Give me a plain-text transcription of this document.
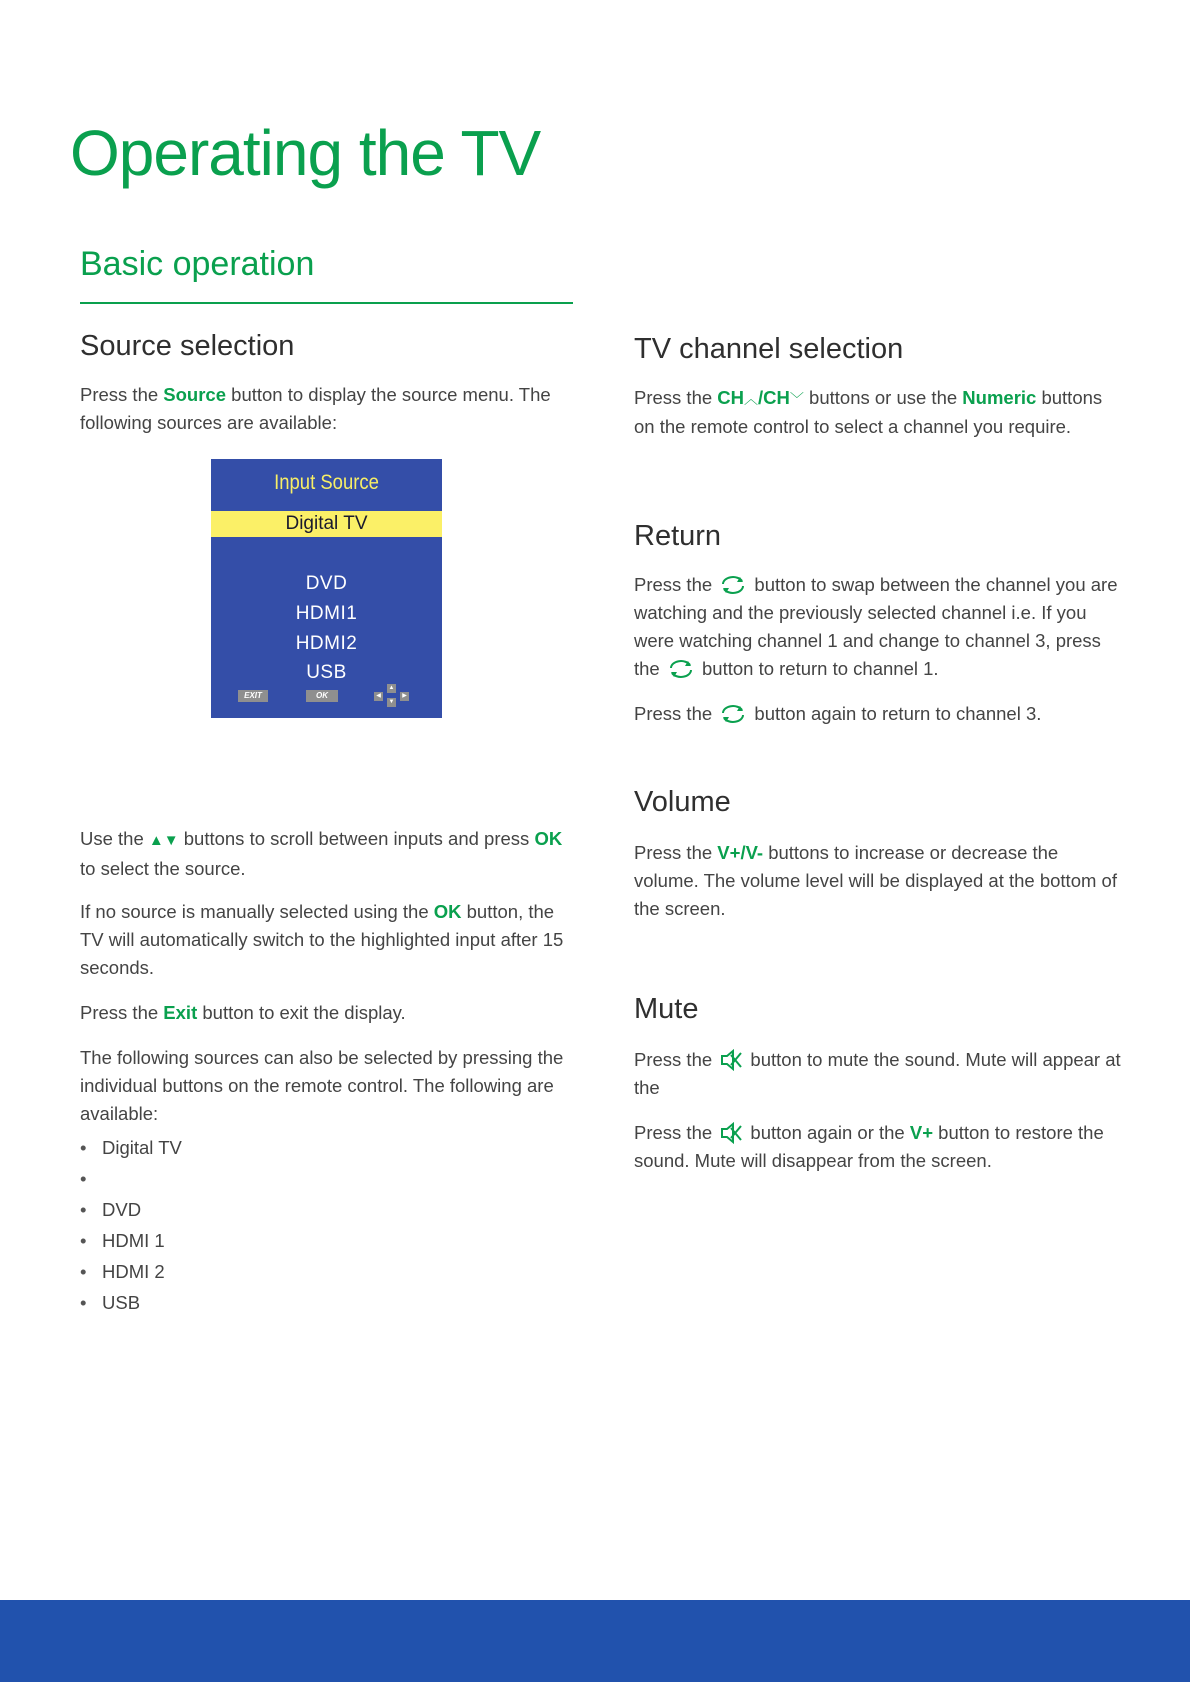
Operating the TV
Basic operation
Source selection

Press the Source button to display the source menu. The following sources are available:

Input Source
Digital TV
DVD
HDMI1
HDMI2
USB
EXIT	OK	◀
▲
▼
▶

Use the ▲▼ buttons to scroll between inputs and press OK to select the source.

If no source is manually selected using the OK button, the TV will automatically switch to the highlighted input after 15 seconds.

Press the Exit button to exit the display.

The following sources can also be selected by pressing the individual buttons on the remote control. The following are available:

• Digital TV
•
• DVD
• HDMI 1
• HDMI 2
• USB
TV channel selection

Press the CH︿/CH﹀ buttons or use the Numeric buttons on the remote control to select a channel you require.

Return

Press the  button to swap between the channel you are watching and the previously selected channel i.e. If you were watching channel 1 and change to channel 3, press the  button to return to channel 1.

Press the  button again to return to channel 3.

Volume

Press the V+/V- buttons to increase or decrease the volume. The volume level will be displayed at the bottom of the screen.

Mute

Press the  button to mute the sound. Mute will appear at the

Press the  button again or the V+ button to restore the sound. Mute will disappear from the screen.
